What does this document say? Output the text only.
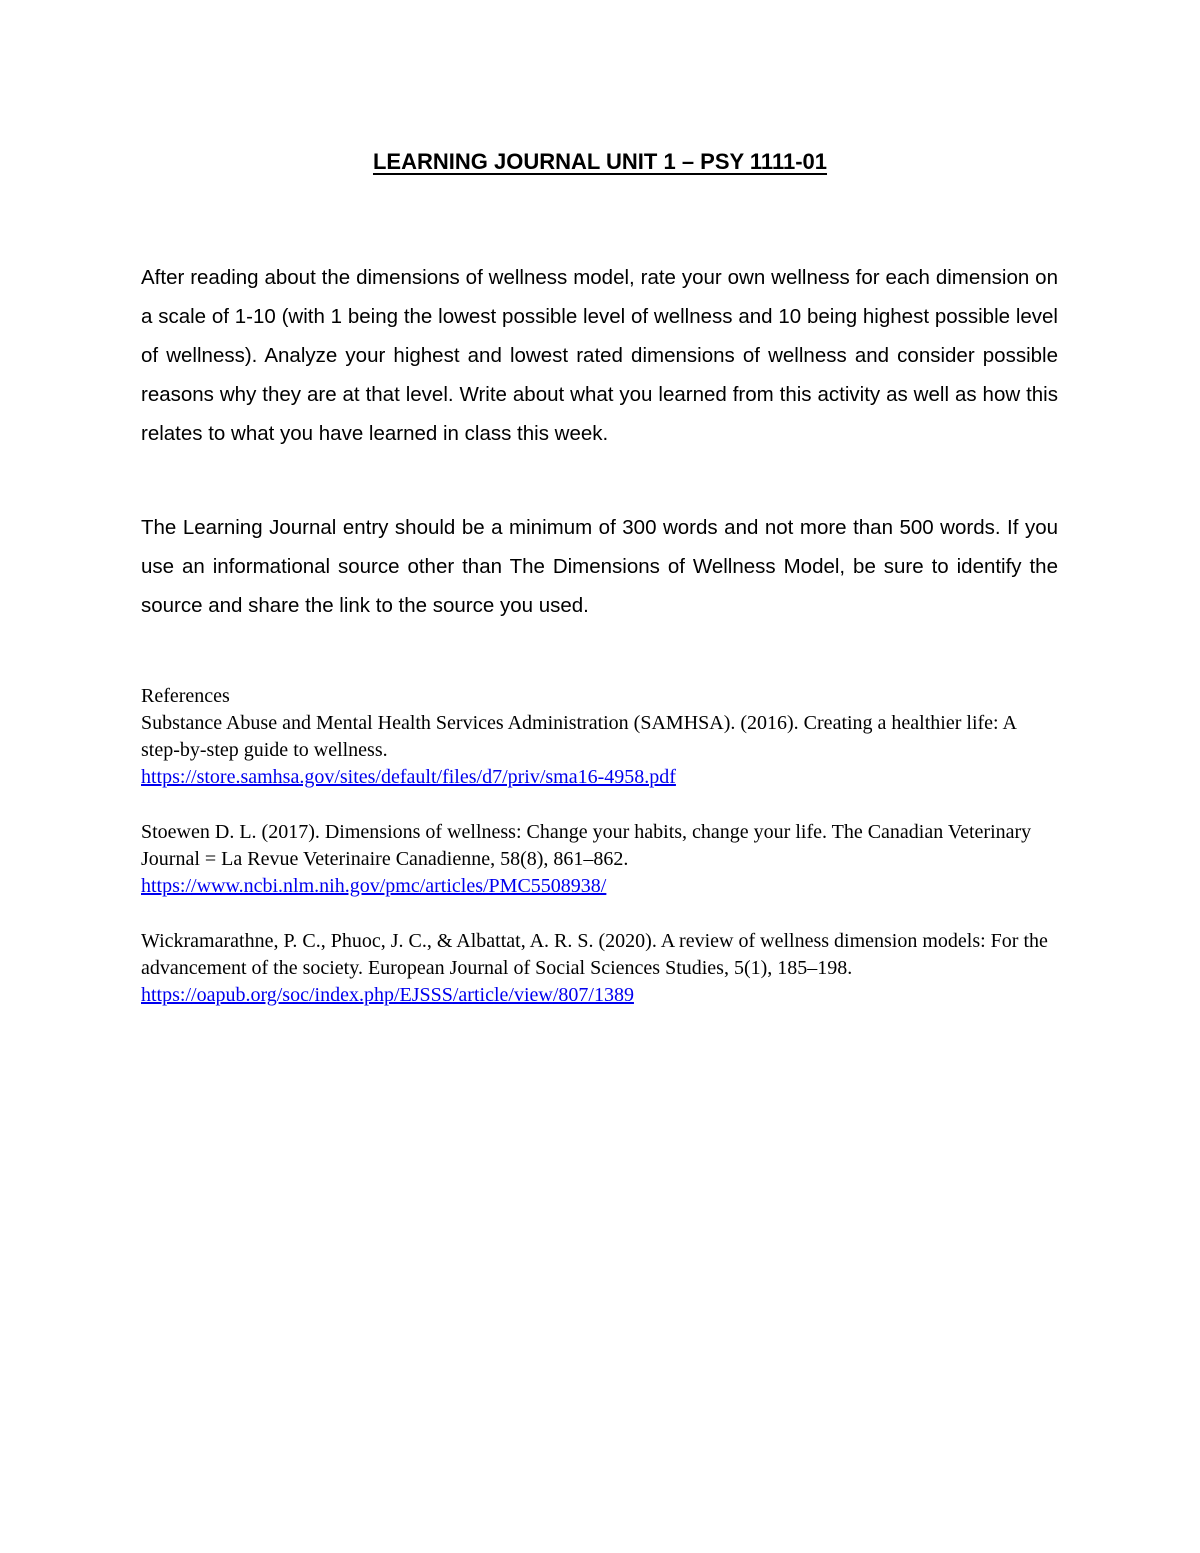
LEARNING JOURNAL UNIT 1 – PSY 1111-01

After reading about the dimensions of wellness model, rate your own wellness for each dimension on a scale of 1-10 (with 1 being the lowest possible level of wellness and 10 being highest possible level of wellness). Analyze your highest and lowest rated dimensions of wellness and consider possible reasons why they are at that level. Write about what you learned from this activity as well as how this relates to what you have learned in class this week.

The Learning Journal entry should be a minimum of 300 words and not more than 500 words. If you use an informational source other than The Dimensions of Wellness Model, be sure to identify the source and share the link to the source you used.

References

Substance Abuse and Mental Health Services Administration (SAMHSA). (2016). Creating a healthier life: A step-by-step guide to wellness.
https://store.samhsa.gov/sites/default/files/d7/priv/sma16-4958.pdf

Stoewen D. L. (2017). Dimensions of wellness: Change your habits, change your life. The Canadian Veterinary Journal = La Revue Veterinaire Canadienne, 58(8), 861–862.
https://www.ncbi.nlm.nih.gov/pmc/articles/PMC5508938/

Wickramarathne, P. C., Phuoc, J. C., & Albattat, A. R. S. (2020). A review of wellness dimension models: For the advancement of the society. European Journal of Social Sciences Studies, 5(1), 185–198. https://oapub.org/soc/index.php/EJSSS/article/view/807/1389
